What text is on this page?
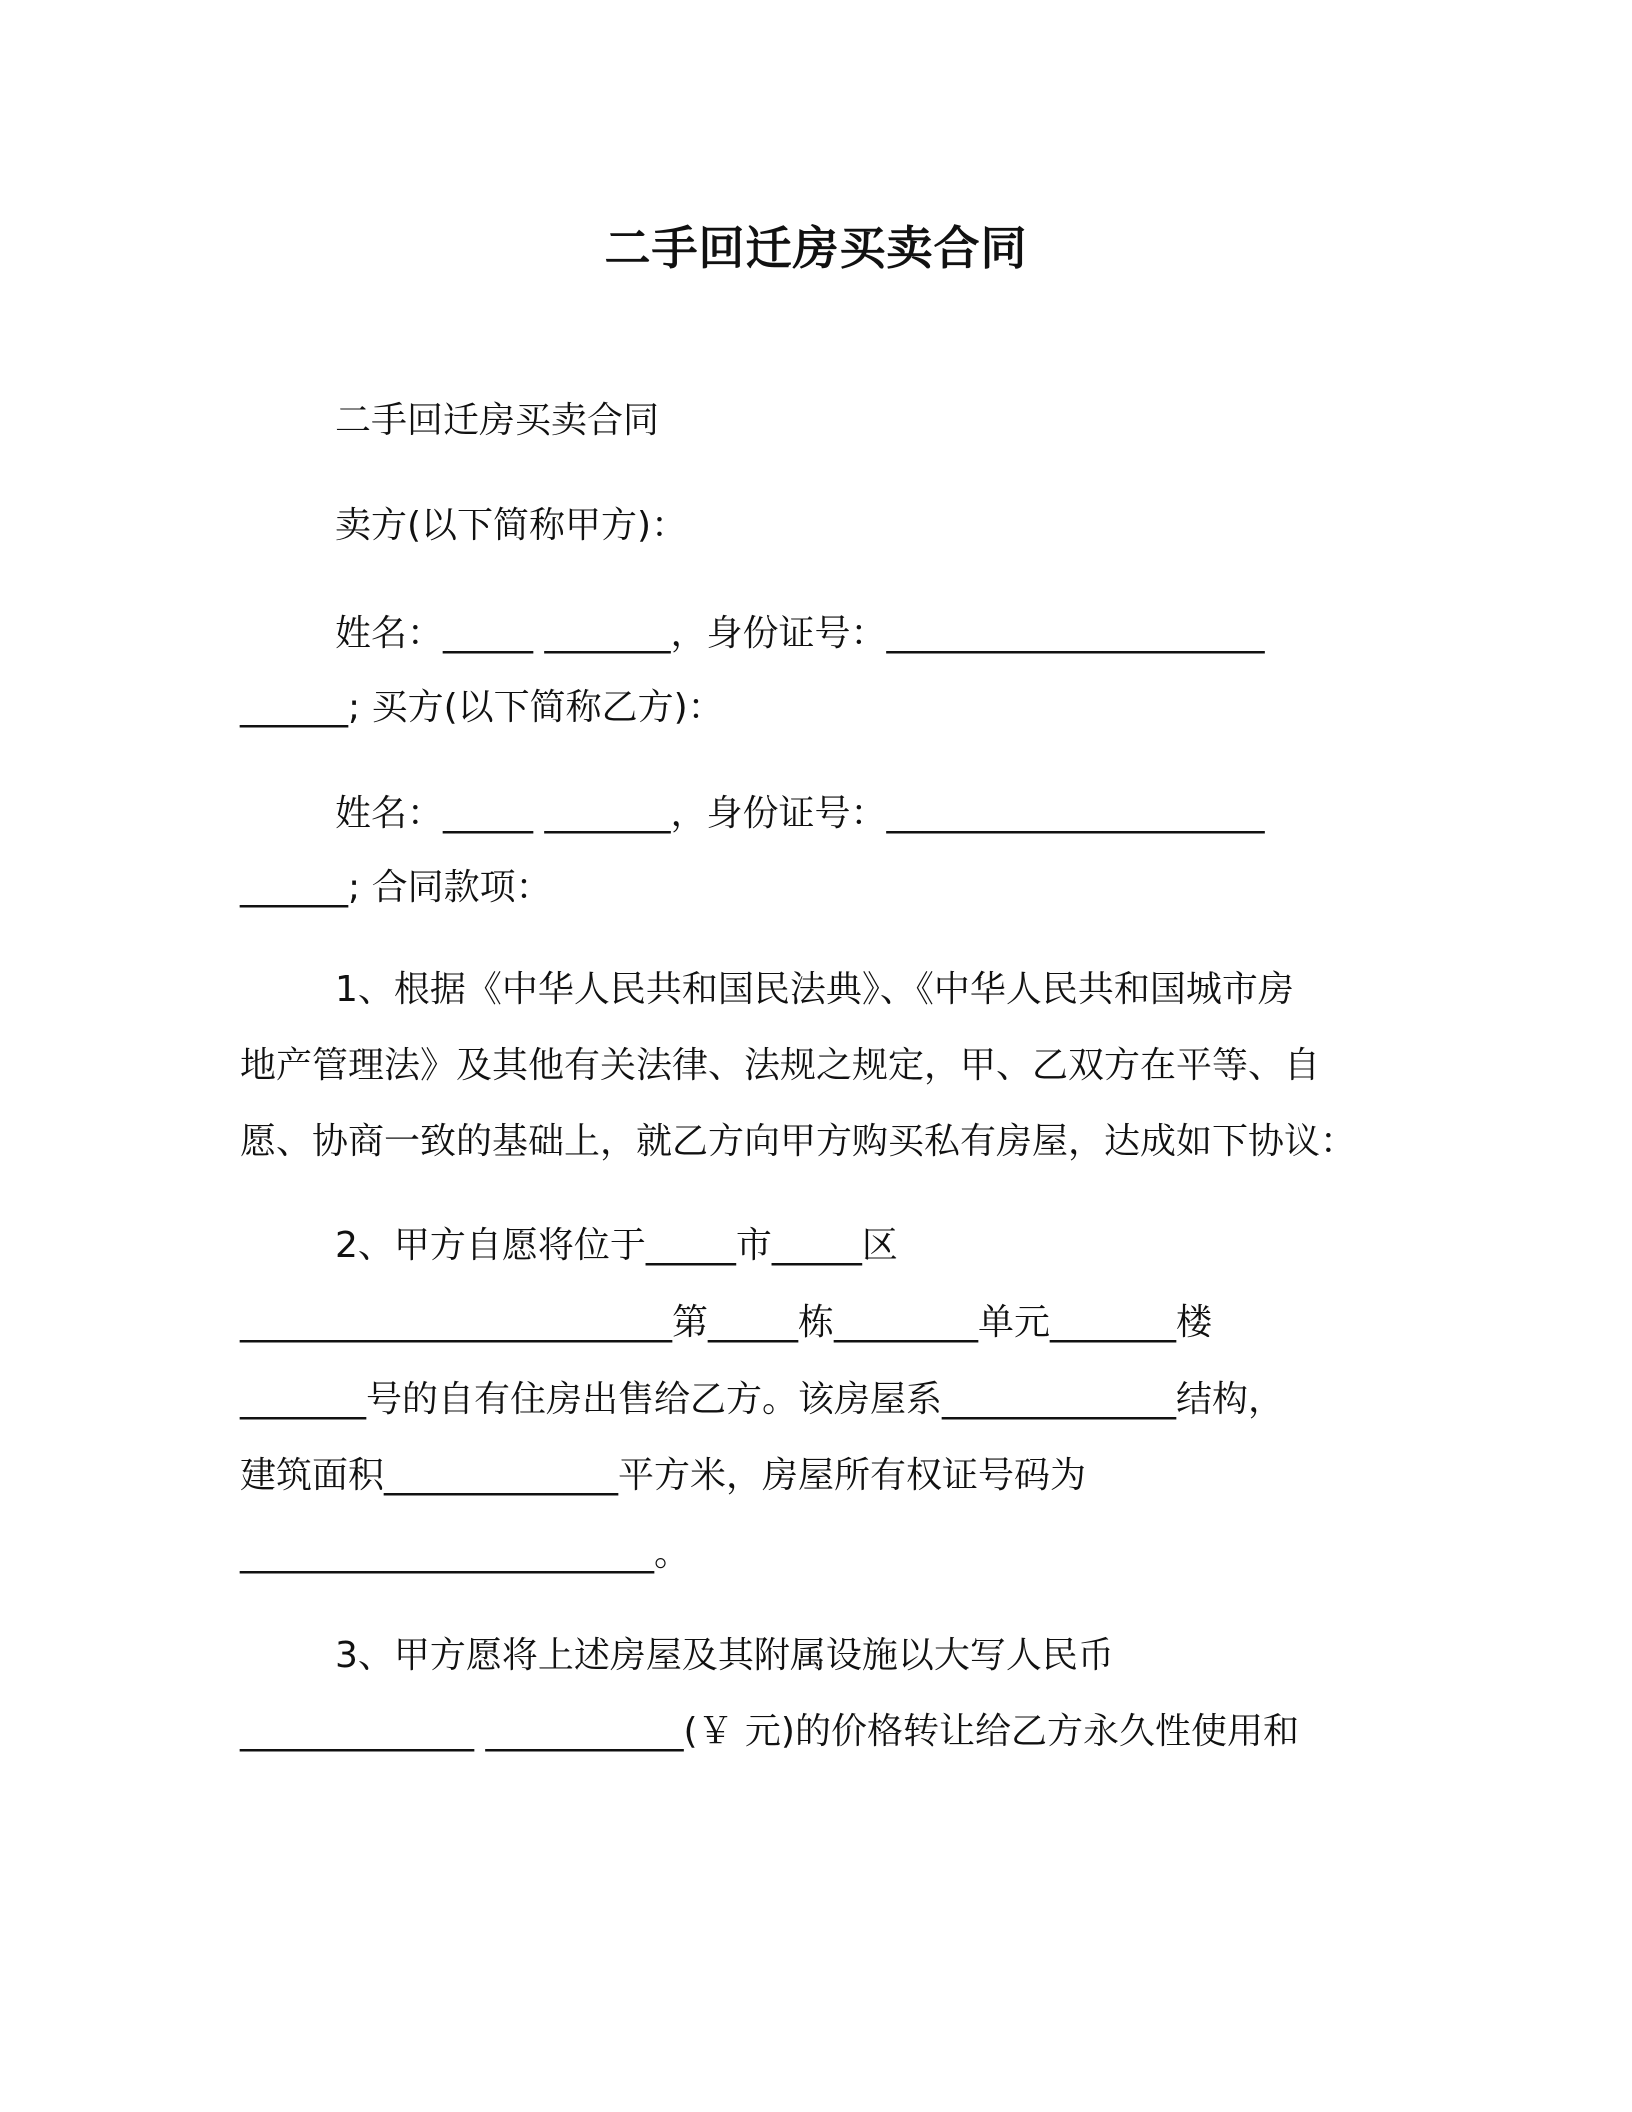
二手回迁房买卖合同
二手回迁房买卖合同
卖方(以下简称甲方)：
姓名：_____ _______，身份证号：_____________________
______; 买方(以下简称乙方)：
姓名：_____ _______，身份证号：_____________________
______; 合同款项：
1、根据《中华人民共和国民法典》、《中华人民共和国城市房
地产管理法》及其他有关法律、法规之规定，甲、乙双方在平等、自
愿、协商一致的基础上，就乙方向甲方购买私有房屋，达成如下协议：
2、甲方自愿将位于_____市_____区
________________________第_____栋________单元_______楼
_______号的自有住房出售给乙方。该房屋系_____________结构，
建筑面积_____________平方米，房屋所有权证号码为
_______________________。
3、甲方愿将上述房屋及其附属设施以大写人民币
_____________ ___________(￥ 元)的价格转让给乙方永久性使用和
